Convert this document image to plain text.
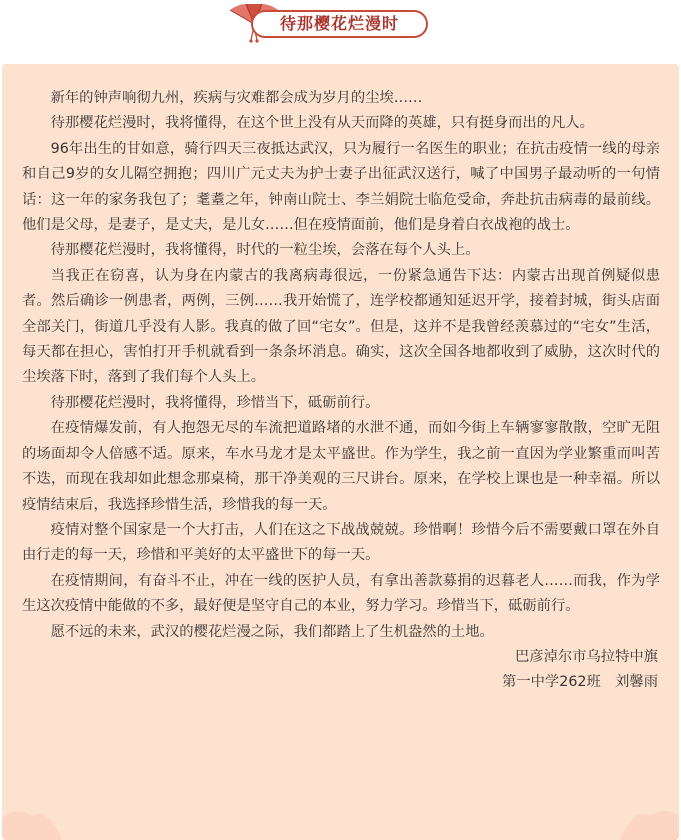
待那樱花烂漫时

新年的钟声响彻九州，疾病与灾难都会成为岁月的尘埃……

待那樱花烂漫时，我将懂得，在这个世上没有从天而降的英雄，只有挺身而出的凡人。

96年出生的甘如意，骑行四天三夜抵达武汉，只为履行一名医生的职业；在抗击疫情一线的母亲和自己9岁的女儿隔空拥抱；四川广元丈夫为护士妻子出征武汉送行，喊了中国男子最动听的一句情话：这一年的家务我包了；耄耋之年，钟南山院士、李兰娟院士临危受命，奔赴抗击病毒的最前线。他们是父母，是妻子，是丈夫，是儿女……但在疫情面前，他们是身着白衣战袍的战士。

待那樱花烂漫时，我将懂得，时代的一粒尘埃，会落在每个人头上。

当我正在窃喜，认为身在内蒙古的我离病毒很远，一份紧急通告下达：内蒙古出现首例疑似患者。然后确诊一例患者，两例，三例……我开始慌了，连学校都通知延迟开学，接着封城，街头店面全部关门，街道几乎没有人影。我真的做了回“宅女”。但是，这并不是我曾经羡慕过的“宅女”生活，每天都在担心，害怕打开手机就看到一条条坏消息。确实，这次全国各地都收到了威胁，这次时代的尘埃落下时，落到了我们每个人头上。

待那樱花烂漫时，我将懂得，珍惜当下，砥砺前行。

在疫情爆发前，有人抱怨无尽的车流把道路堵的水泄不通，而如今街上车辆寥寥散散，空旷无阻的场面却令人倍感不适。原来，车水马龙才是太平盛世。作为学生，我之前一直因为学业繁重而叫苦不迭，而现在我却如此想念那桌椅，那干净美观的三尺讲台。原来，在学校上课也是一种幸福。所以疫情结束后，我选择珍惜生活，珍惜我的每一天。

疫情对整个国家是一个大打击，人们在这之下战战兢兢。珍惜啊！珍惜今后不需要戴口罩在外自由行走的每一天，珍惜和平美好的太平盛世下的每一天。

在疫情期间，有奋斗不止，冲在一线的医护人员，有拿出善款募捐的迟暮老人……而我，作为学生这次疫情中能做的不多，最好便是坚守自己的本业，努力学习。珍惜当下，砥砺前行。

愿不远的未来，武汉的樱花烂漫之际，我们都踏上了生机盎然的土地。

巴彦淖尔市乌拉特中旗
第一中学262班　刘馨雨
